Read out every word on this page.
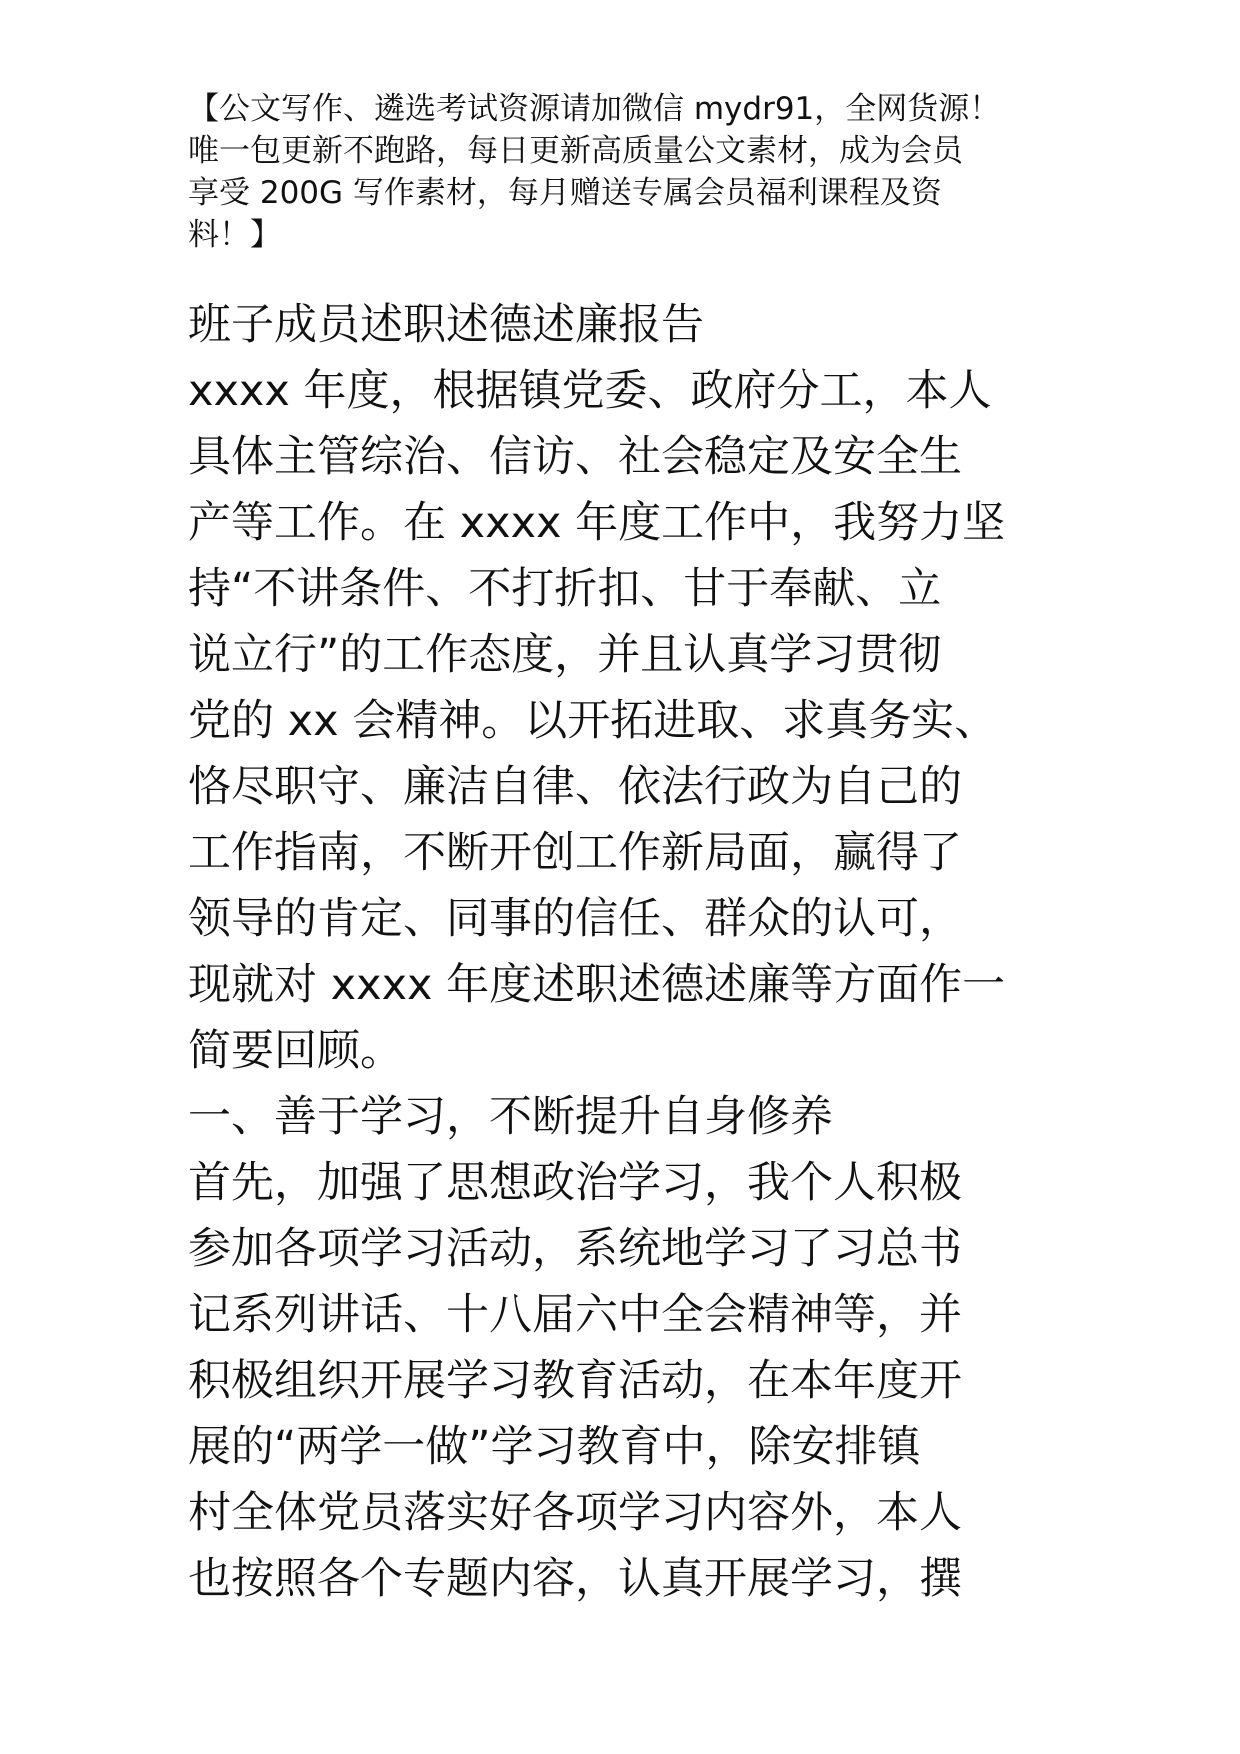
【公文写作、遴选考试资源请加微信 mydr91，全网货源！
唯一包更新不跑路，每日更新高质量公文素材，成为会员
享受 200G 写作素材，每月赠送专属会员福利课程及资
料！】

班子成员述职述德述廉报告

xxxx 年度，根据镇党委、政府分工，本人
具体主管综治、信访、社会稳定及安全生
产等工作。在 xxxx 年度工作中，我努力坚
持“不讲条件、不打折扣、甘于奉献、立
说立行”的工作态度，并且认真学习贯彻
党的 xx 会精神。以开拓进取、求真务实、
恪尽职守、廉洁自律、依法行政为自己的
工作指南，不断开创工作新局面，赢得了
领导的肯定、同事的信任、群众的认可，
现就对 xxxx 年度述职述德述廉等方面作一
简要回顾。

一、善于学习，不断提升自身修养

首先，加强了思想政治学习，我个人积极
参加各项学习活动，系统地学习了习总书
记系列讲话、十八届六中全会精神等，并
积极组织开展学习教育活动，在本年度开
展的“两学一做”学习教育中，除安排镇
村全体党员落实好各项学习内容外，本人
也按照各个专题内容，认真开展学习，撰
